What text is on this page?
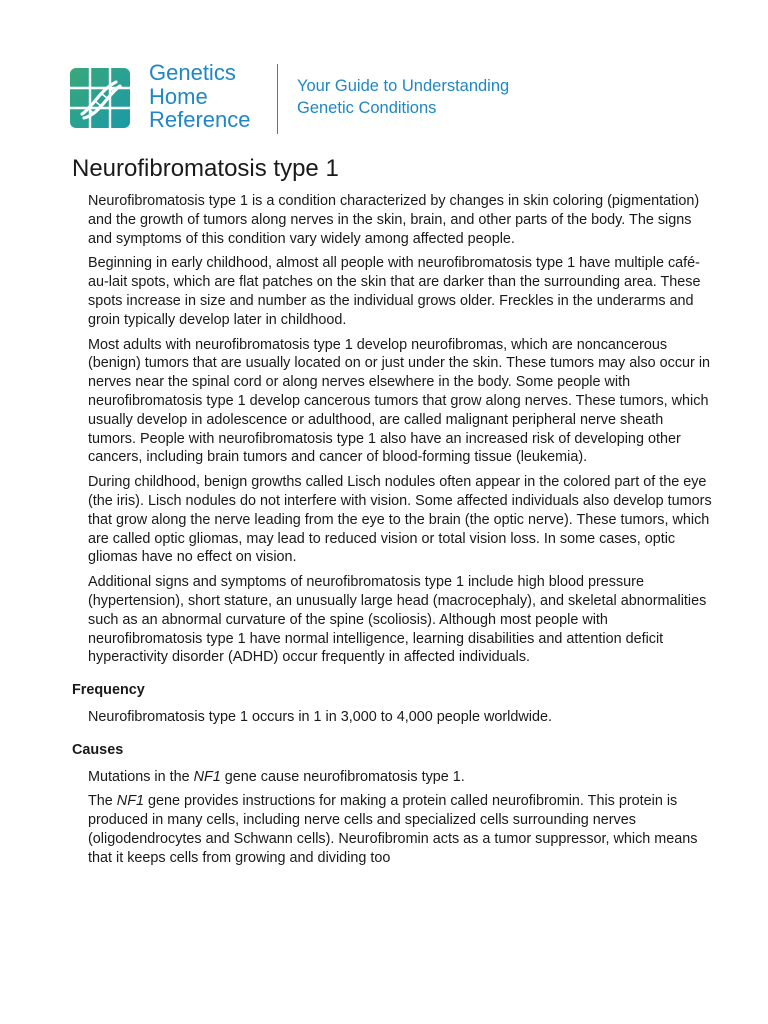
Genetics
Home
Reference
Your Guide to Understanding
Genetic Conditions
Neurofibromatosis type 1

Neurofibromatosis type 1 is a condition characterized by changes in skin coloring (pigmentation) and the growth of tumors along nerves in the skin, brain, and other parts of the body. The signs and symptoms of this condition vary widely among affected people.

Beginning in early childhood, almost all people with neurofibromatosis type 1 have multiple café-au-lait spots, which are flat patches on the skin that are darker than the surrounding area. These spots increase in size and number as the individual grows older. Freckles in the underarms and groin typically develop later in childhood.

Most adults with neurofibromatosis type 1 develop neurofibromas, which are noncancerous (benign) tumors that are usually located on or just under the skin. These tumors may also occur in nerves near the spinal cord or along nerves elsewhere in the body. Some people with neurofibromatosis type 1 develop cancerous tumors that grow along nerves. These tumors, which usually develop in adolescence or adulthood, are called malignant peripheral nerve sheath tumors. People with neurofibromatosis type 1 also have an increased risk of developing other cancers, including brain tumors and cancer of blood-forming tissue (leukemia).

During childhood, benign growths called Lisch nodules often appear in the colored part of the eye (the iris). Lisch nodules do not interfere with vision. Some affected individuals also develop tumors that grow along the nerve leading from the eye to the brain (the optic nerve). These tumors, which are called optic gliomas, may lead to reduced vision or total vision loss. In some cases, optic gliomas have no effect on vision.

Additional signs and symptoms of neurofibromatosis type 1 include high blood pressure (hypertension), short stature, an unusually large head (macrocephaly), and skeletal abnormalities such as an abnormal curvature of the spine (scoliosis). Although most people with neurofibromatosis type 1 have normal intelligence, learning disabilities and attention deficit hyperactivity disorder (ADHD) occur frequently in affected individuals.

Frequency

Neurofibromatosis type 1 occurs in 1 in 3,000 to 4,000 people worldwide.

Causes

Mutations in the NF1 gene cause neurofibromatosis type 1.

The NF1 gene provides instructions for making a protein called neurofibromin. This protein is produced in many cells, including nerve cells and specialized cells surrounding nerves (oligodendrocytes and Schwann cells). Neurofibromin acts as a tumor suppressor, which means that it keeps cells from growing and dividing too
